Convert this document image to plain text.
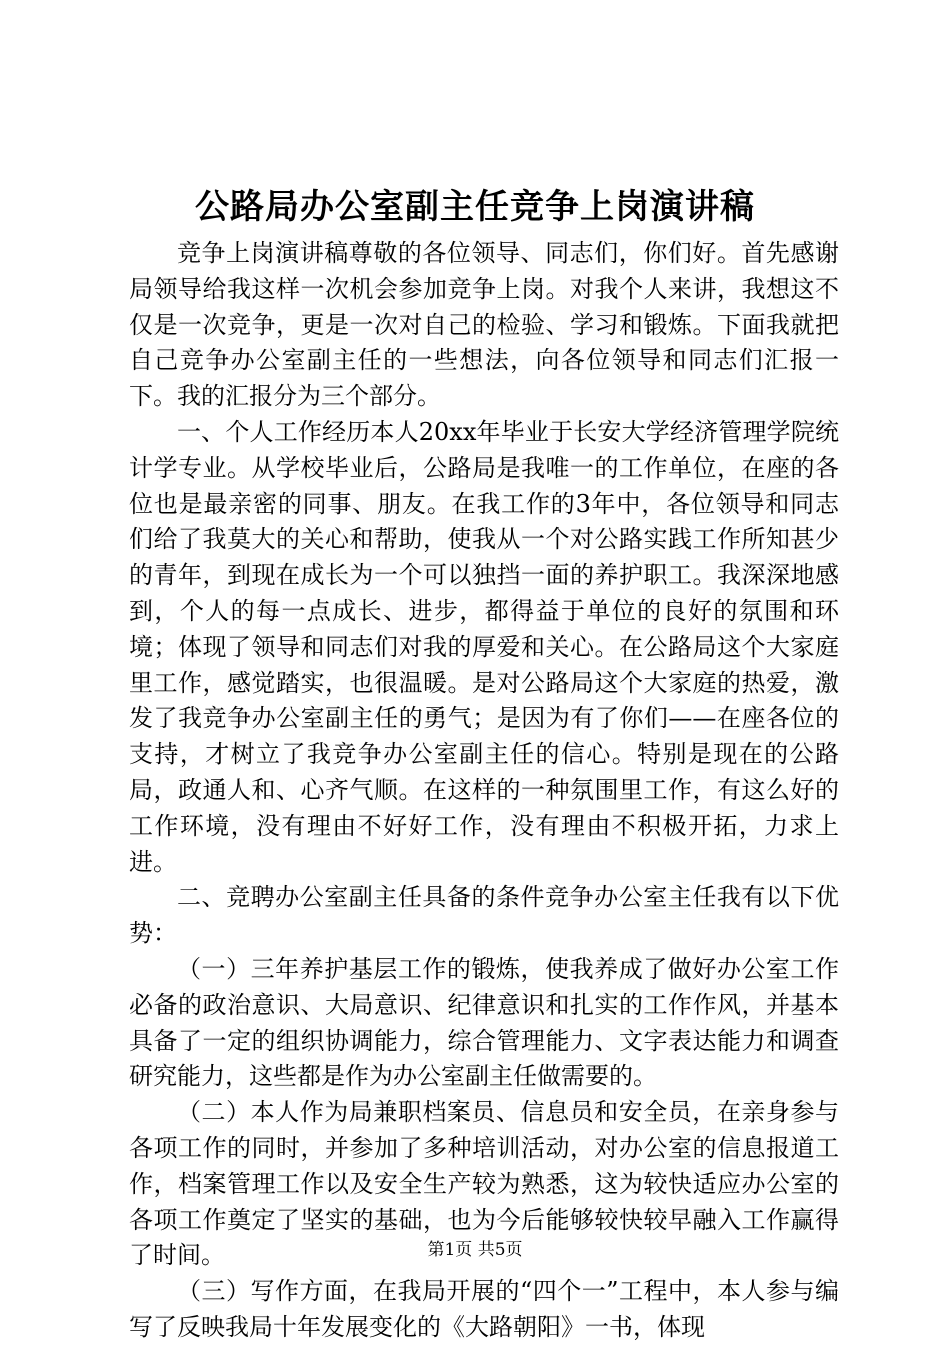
公路局办公室副主任竞争上岗演讲稿

竞争上岗演讲稿尊敬的各位领导、同志们，你们好。首先感谢局领导给我这样一次机会参加竞争上岗。对我个人来讲，我想这不仅是一次竞争，更是一次对自己的检验、学习和锻炼。下面我就把自己竞争办公室副主任的一些想法，向各位领导和同志们汇报一下。我的汇报分为三个部分。

一、个人工作经历本人20xx年毕业于长安大学经济管理学院统计学专业。从学校毕业后，公路局是我唯一的工作单位，在座的各位也是最亲密的同事、朋友。在我工作的3年中，各位领导和同志们给了我莫大的关心和帮助，使我从一个对公路实践工作所知甚少的青年，到现在成长为一个可以独挡一面的养护职工。我深深地感到，个人的每一点成长、进步，都得益于单位的良好的氛围和环境；体现了领导和同志们对我的厚爱和关心。在公路局这个大家庭里工作，感觉踏实，也很温暖。是对公路局这个大家庭的热爱，激发了我竞争办公室副主任的勇气；是因为有了你们——在座各位的支持，才树立了我竞争办公室副主任的信心。特别是现在的公路局，政通人和、心齐气顺。在这样的一种氛围里工作，有这么好的工作环境，没有理由不好好工作，没有理由不积极开拓，力求上进。

二、竞聘办公室副主任具备的条件竞争办公室主任我有以下优势：

（一）三年养护基层工作的锻炼，使我养成了做好办公室工作必备的政治意识、大局意识、纪律意识和扎实的工作作风，并基本具备了一定的组织协调能力，综合管理能力、文字表达能力和调查研究能力，这些都是作为办公室副主任做需要的。

（二）本人作为局兼职档案员、信息员和安全员，在亲身参与各项工作的同时，并参加了多种培训活动，对办公室的信息报道工作，档案管理工作以及安全生产较为熟悉，这为较快适应办公室的各项工作奠定了坚实的基础，也为今后能够较快较早融入工作赢得了时间。

（三）写作方面，在我局开展的“四个一”工程中，本人参与编写了反映我局十年发展变化的《大路朝阳》一书，体现

第1页 共5页
